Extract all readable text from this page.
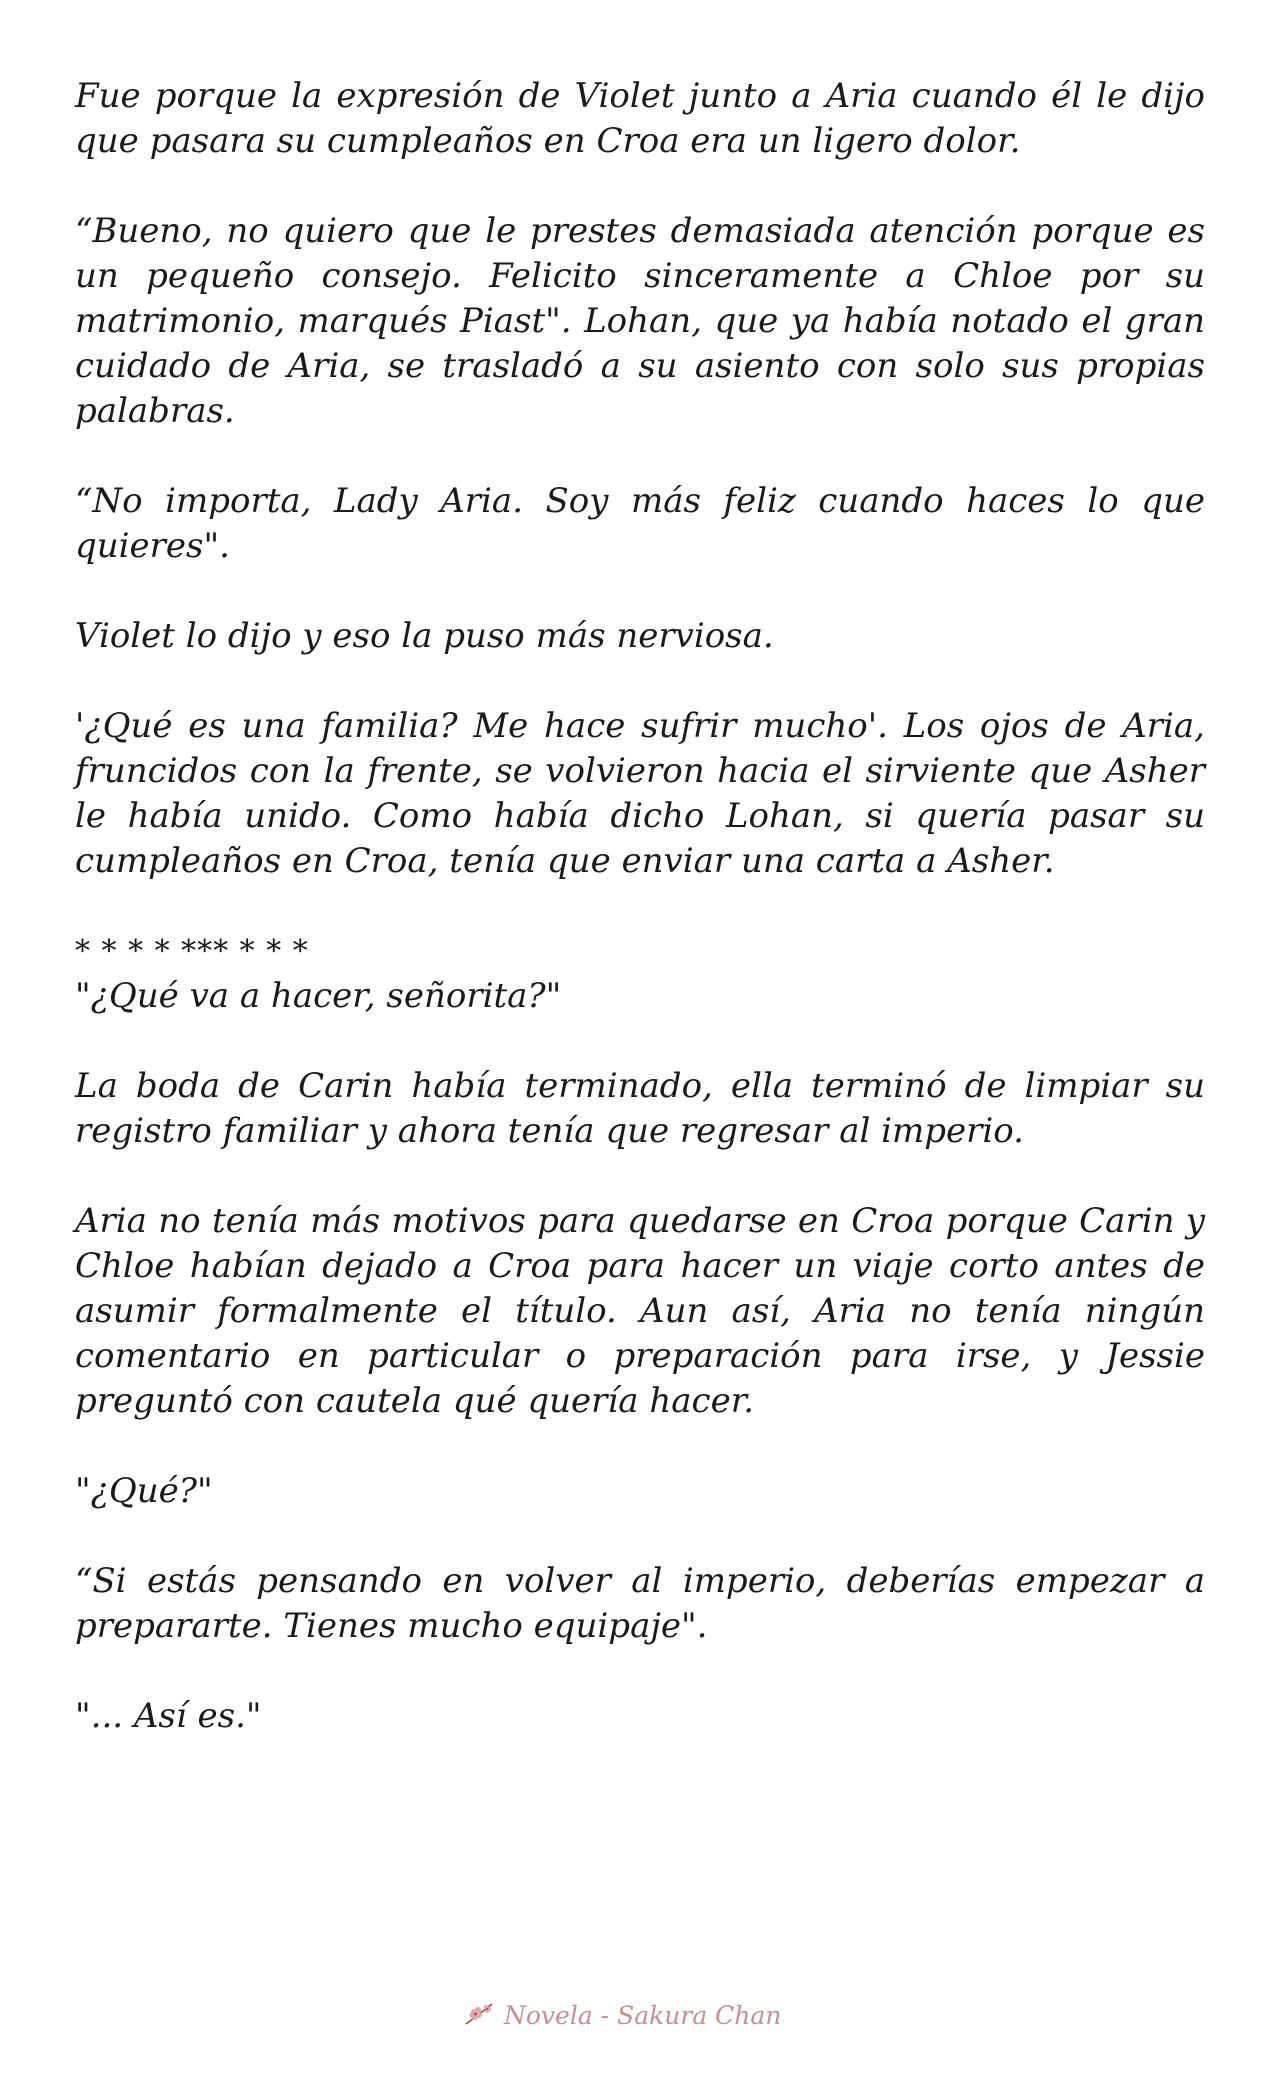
Fue porque la expresión de Violet junto a Aria cuando él le dijo que pasara su cumpleaños en Croa era un ligero dolor.

“Bueno, no quiero que le prestes demasiada atención porque es un pequeño consejo. Felicito sinceramente a Chloe por su matrimonio, marqués Piast". Lohan, que ya había notado el gran cuidado de Aria, se trasladó a su asiento con solo sus propias palabras.

“No importa, Lady Aria. Soy más feliz cuando haces lo que quieres".

Violet lo dijo y eso la puso más nerviosa.

'¿Qué es una familia? Me hace sufrir mucho'. Los ojos de Aria, fruncidos con la frente, se volvieron hacia el sirviente que Asher le había unido. Como había dicho Lohan, si quería pasar su cumpleaños en Croa, tenía que enviar una carta a Asher.

* * * * *** * * *

"¿Qué va a hacer, señorita?"

La boda de Carin había terminado, ella terminó de limpiar su registro familiar y ahora tenía que regresar al imperio.

Aria no tenía más motivos para quedarse en Croa porque Carin y Chloe habían dejado a Croa para hacer un viaje corto antes de asumir formalmente el título. Aun así, Aria no tenía ningún comentario en particular o preparación para irse, y Jessie preguntó con cautela qué quería hacer.

"¿Qué?"

“Si estás pensando en volver al imperio, deberías empezar a prepararte. Tienes mucho equipaje".

"... Así es."

Novela - Sakura Chan
